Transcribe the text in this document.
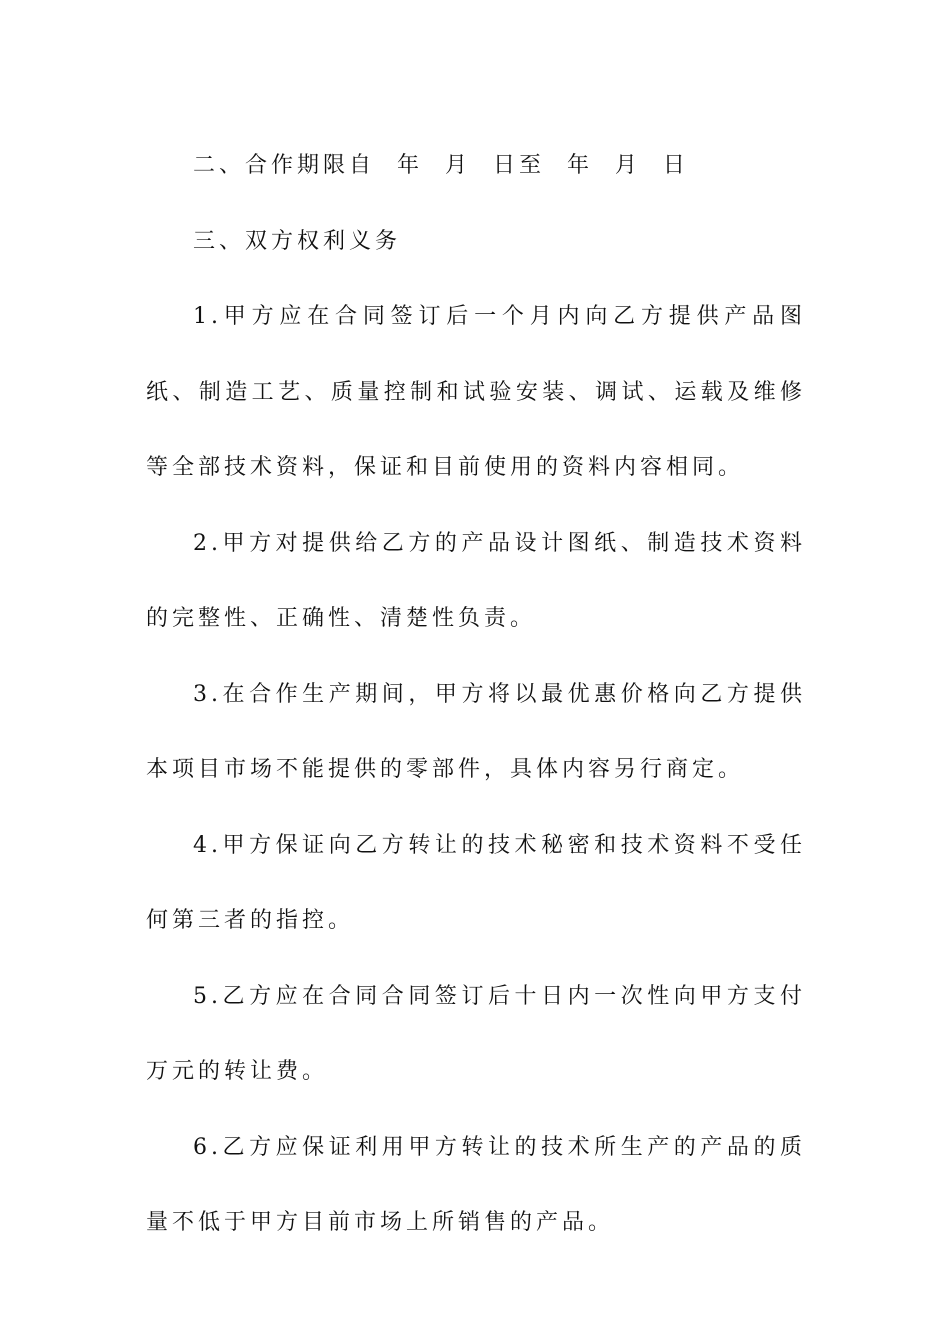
二、合作期限自  年  月  日至  年  月  日

三、双方权利义务

1.甲方应在合同签订后一个月内向乙方提供产品图纸、制造工艺、质量控制和试验安装、调试、运载及维修等全部技术资料，保证和目前使用的资料内容相同。

2.甲方对提供给乙方的产品设计图纸、制造技术资料的完整性、正确性、清楚性负责。

3.在合作生产期间，甲方将以最优惠价格向乙方提供本项目市场不能提供的零部件，具体内容另行商定。

4.甲方保证向乙方转让的技术秘密和技术资料不受任何第三者的指控。

5.乙方应在合同合同签订后十日内一次性向甲方支付  万元的转让费。

6.乙方应保证利用甲方转让的技术所生产的产品的质量不低于甲方目前市场上所销售的产品。
